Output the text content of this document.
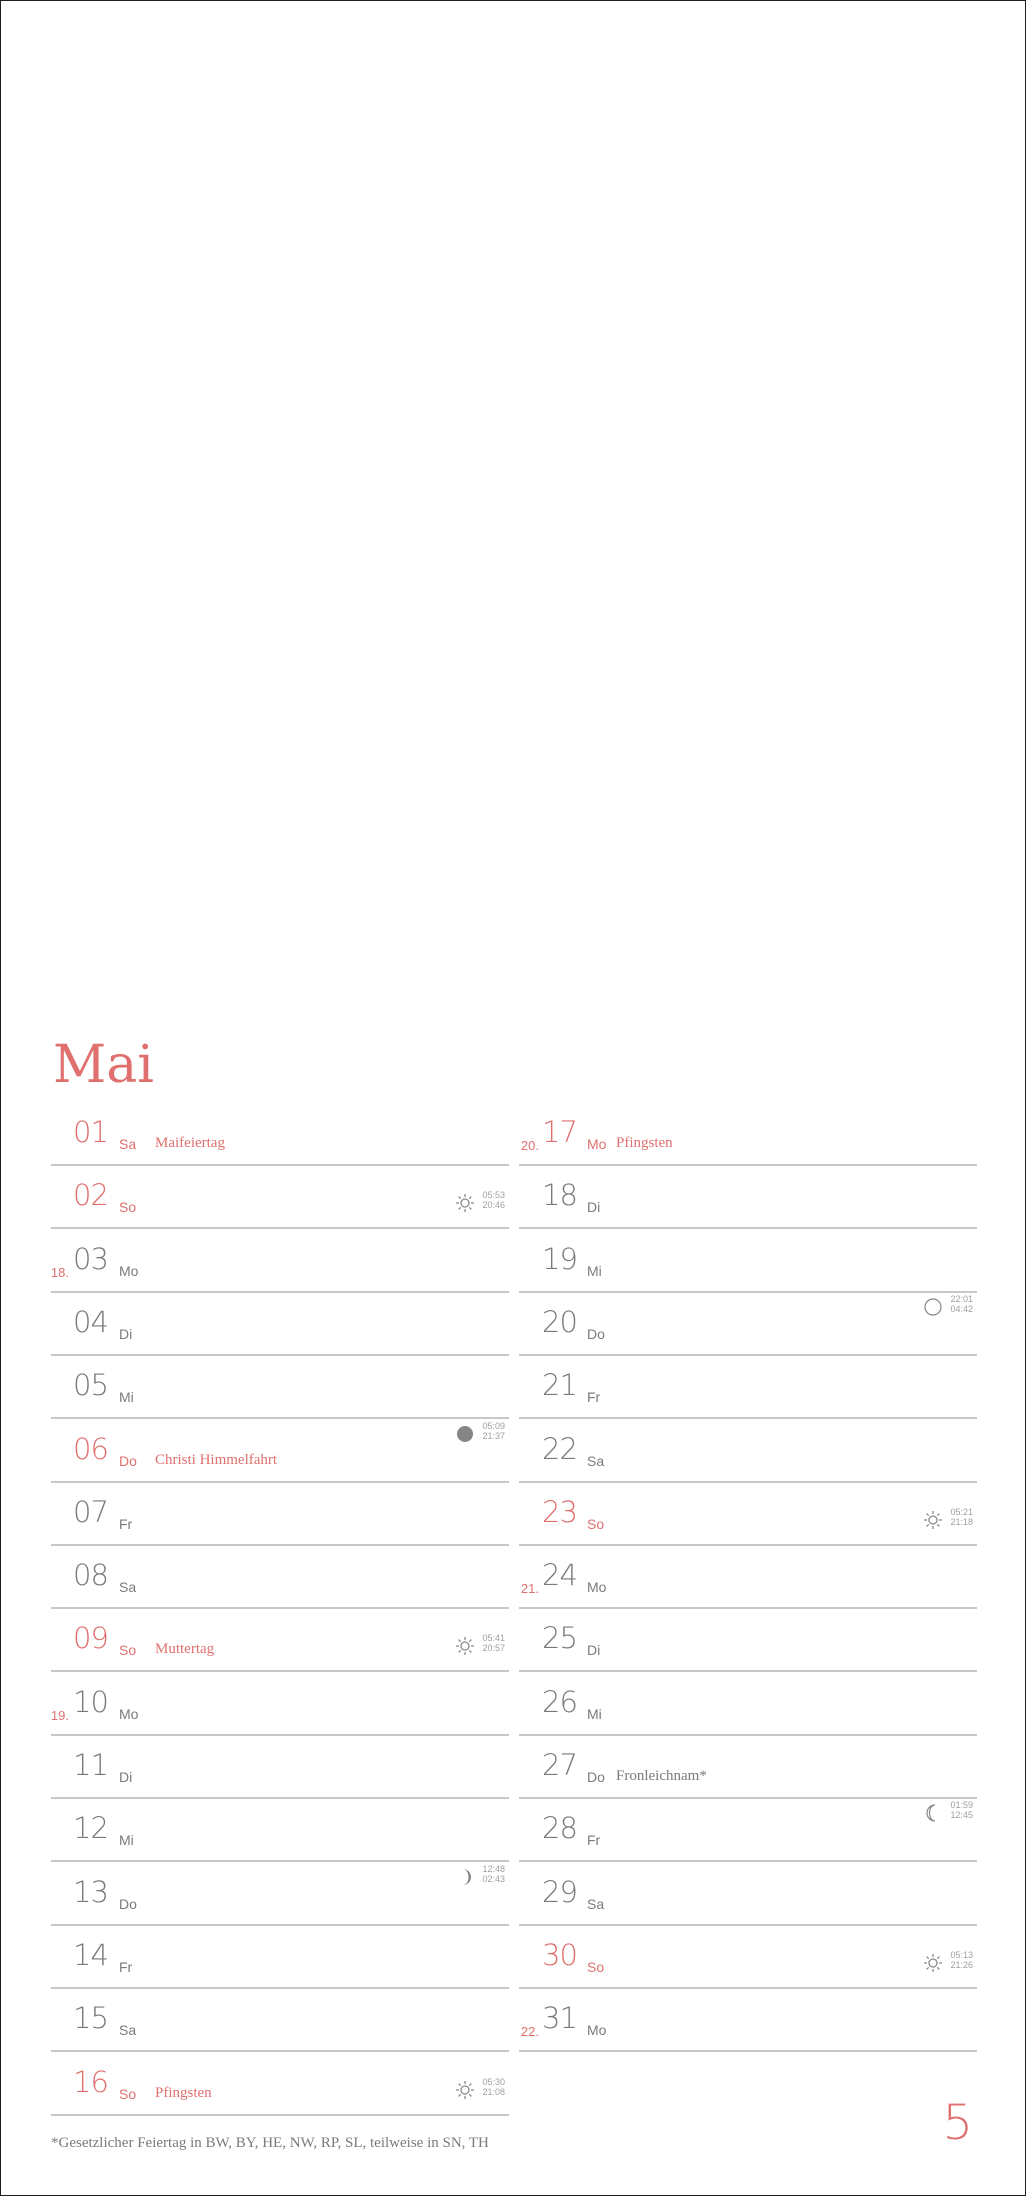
Mai
01 Sa Maifeiertag
02 So
05:53
20:46
18. 03 Mo
04 Di
05 Mi
06 Do Christi Himmelfahrt
07 Fr
08 Sa
09 So Muttertag
05:41
20:57
19. 10 Mo
11 Di
12 Mi
13 Do
14 Fr
15 Sa
16 So Pfingsten
05:30
21:08
20. 17 Mo Pfingsten
18 Di
19 Mi
20 Do
21 Fr
22 Sa
23 So
05:21
21:18
21. 24 Mo
25 Di
26 Mi
27 Do Fronleichnam*
28 Fr
29 Sa
30 So
05:13
21:26
22. 31 Mo
*Gesetzlicher Feiertag in BW, BY, HE, NW, RP, SL, teilweise in SN, TH	5
05:09
21:37
12:48
02:43
22:01
04:42
01:59
12:45
